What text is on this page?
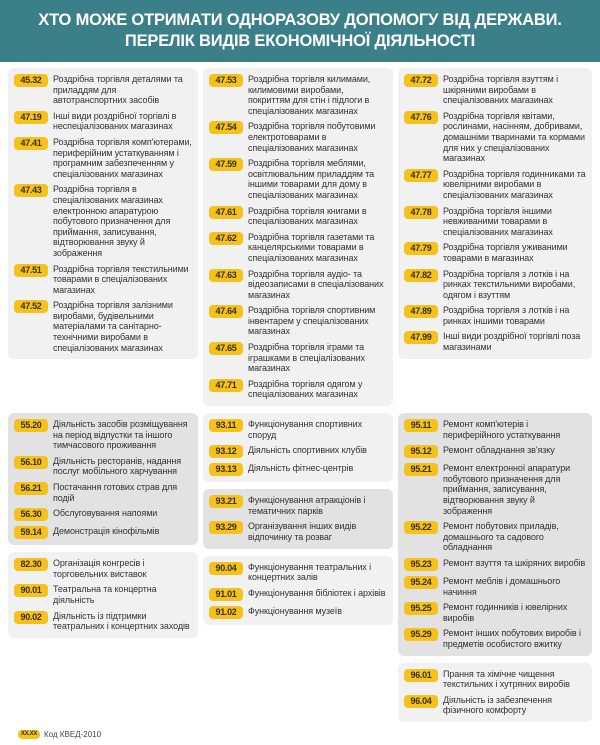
ХТО МОЖЕ ОТРИМАТИ ОДНОРАЗОВУ ДОПОМОГУ ВІД ДЕРЖАВИ.
ПЕРЕЛІК ВИДІВ ЕКОНОМІЧНОЇ ДІЯЛЬНОСТІ
45.32	Роздрібна торгівля деталями та приладдям для автотранспортних засобів
47.19	Інші види роздрібної торгівлі в неспеціалізованих магазинах
47.41	Роздрібна торгівля комп'ютерами, периферійним устаткуванням і програмним забезпеченням у спеціалізованих магазинах
47.43	Роздрібна торгівля в спеціалізованих магазинах електронною апаратурою побутового призначення для приймання, записування, відтворювання звуку й зображення
47.51	Роздрібна торгівля текстильними товарами в спеціалізованих магазинах
47.52	Роздрібна торгівля залізними виробами, будівельними матеріалами та санітарно-технічними виробами в спеціалізованих магазинах
47.53	Роздрібна торгівля килимами, килимовими виробами, покриттям для стін і підлоги в спеціалізованих магазинах
47.54	Роздрібна торгівля побутовими електротоварами в спеціалізованих магазинах
47.59	Роздрібна торгівля меблями, освітлювальним приладдям та іншими товарами для дому в спеціалізованих магазинах
47.61	Роздрібна торгівля книгами в спеціалізованих магазинах
47.62	Роздрібна торгівля газетами та канцелярськими товарами в спеціалізованих магазинах
47.63	Роздрібна торгівля аудіо- та відеозаписами в спеціалізованих магазинах
47.64	Роздрібна торгівля спортивним інвентарем у спеціалізованих магазинах
47.65	Роздрібна торгівля іграми та іграшками в спеціалізованих магазинах
47.71	Роздрібна торгівля одягом у спеціалізованих магазинах
47.72	Роздрібна торгівля взуттям і шкіряними виробами в спеціалізованих магазинах
47.76	Роздрібна торгівля квітами, рослинами, насінням, добривами, домашніми тваринами та кормами для них у спеціалізованих магазинах
47.77	Роздрібна торгівля годинниками та ювелірними виробами в спеціалізованих магазинах
47.78	Роздрібна торгівля іншими невживаними товарами в спеціалізованих магазинах
47.79	Роздрібна торгівля уживаними товарами в магазинах
47.82	Роздрібна торгівля з лотків і на ринках текстильними виробами, одягом і взуттям
47.89	Роздрібна торгівля з лотків і на ринках іншими товарами
47.99	Інші види роздрібної торгівлі поза магазинами
55.20	Діяльність засобів розміщування на період відпустки та іншого тимчасового проживання
56.10	Діяльність ресторанів, надання послуг мобільного харчування
56.21	Постачання готових страв для подій
56.30	Обслуговування напоями
59.14	Демонстрація кінофільмів
82.30	Організація конгресів і торговельних виставок
90.01	Театральна та концертна діяльність
90.02	Діяльність із підтримки театральних і концертних заходів
93.11	Функціонування спортивних споруд
93.12	Діяльність спортивних клубів
93.13	Діяльність фітнес-центрів
93.21	Функціонування атракціонів і тематичних парків
93.29	Організування інших видів відпочинку та розваг
90.04	Функціонування театральних і концертних залів
91.01	Функціонування бібліотек і архівів
91.02	Функціонування музеїв
95.11	Ремонт комп'ютерів і периферійного устаткування
95.12	Ремонт обладнання зв'язку
95.21	Ремонт електронної апаратури побутового призначення для приймання, записування, відтворювання звуку й зображення
95.22	Ремонт побутових приладів, домашнього та садового обладнання
95.23	Ремонт взуття та шкіряних виробів
95.24	Ремонт меблів і домашнього начиння
95.25	Ремонт годинників і ювелірних виробів
95.29	Ремонт інших побутових виробів і предметів особистого вжитку
96.01	Прання та хімічне чищення текстильних і хутряних виробів
96.04	Діяльність із забезпечення фізичного комфорту
XX.XX Код КВЕД-2010
